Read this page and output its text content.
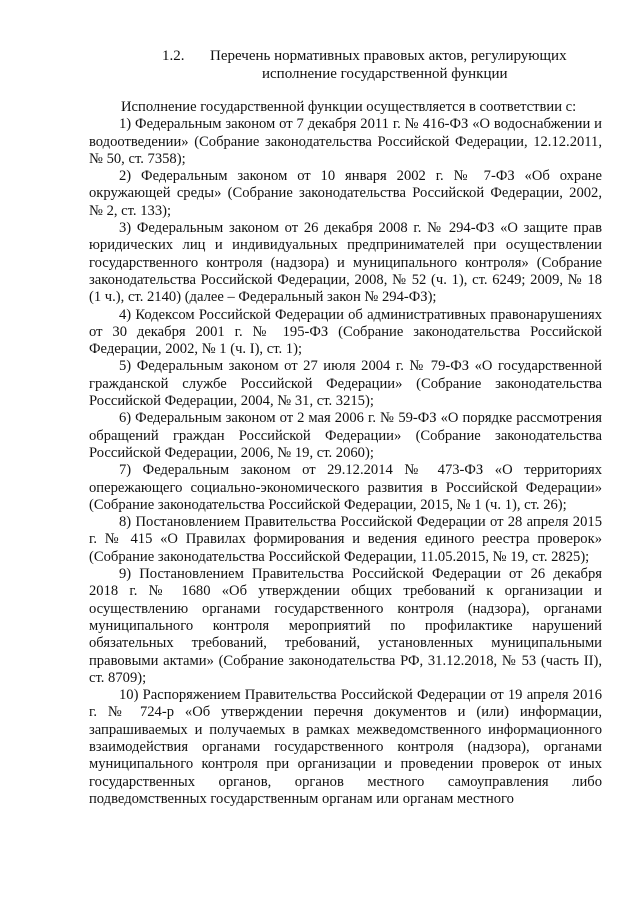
1.2.	Перечень нормативных правовых актов, регулирующих
исполнение государственной функции

Исполнение государственной функции осуществляется в соответствии с:

1) Федеральным законом от 7 декабря 2011 г. № 416-ФЗ «О водоснабжении и водоотведении» (Собрание законодательства Российской Федерации, 12.12.2011, № 50, ст. 7358);

2) Федеральным законом от 10 января 2002 г. № 7-ФЗ «Об охране окружающей среды» (Собрание законодательства Российской Федерации, 2002, № 2, ст. 133);

3) Федеральным законом от 26 декабря 2008 г. № 294-ФЗ «О защите прав юридических лиц и индивидуальных предпринимателей при осуществлении государственного контроля (надзора) и муниципального контроля» (Собрание законодательства Российской Федерации, 2008, № 52 (ч. 1), ст. 6249; 2009, № 18 (1 ч.), ст. 2140) (далее – Федеральный закон № 294-ФЗ);

4) Кодексом Российской Федерации об административных правонарушениях от 30 декабря 2001 г. № 195-ФЗ (Собрание законодательства Российской Федерации, 2002, № 1 (ч. I), ст. 1);

5) Федеральным законом от 27 июля 2004 г. № 79-ФЗ «О государственной гражданской службе Российской Федерации» (Собрание законодательства Российской Федерации, 2004, № 31, ст. 3215);

6) Федеральным законом от 2 мая 2006 г. № 59-ФЗ «О порядке рассмотрения обращений граждан Российской Федерации» (Собрание законодательства Российской Федерации, 2006, № 19, ст. 2060);

7) Федеральным законом от 29.12.2014 № 473-ФЗ «О территориях опережающего социально-экономического развития в Российской Федерации» (Собрание законодательства Российской Федерации, 2015, № 1 (ч. 1), ст. 26);

8) Постановлением Правительства Российской Федерации от 28 апреля 2015 г. № 415 «О Правилах формирования и ведения единого реестра проверок» (Собрание законодательства Российской Федерации, 11.05.2015, № 19, ст. 2825);

9) Постановлением Правительства Российской Федерации от 26 декабря 2018 г. № 1680 «Об утверждении общих требований к организации и осуществлению органами государственного контроля (надзора), органами муниципального контроля мероприятий по профилактике нарушений обязательных требований, требований, установленных муниципальными правовыми актами» (Собрание законодательства РФ, 31.12.2018, № 53 (часть II), ст. 8709);

10) Распоряжением Правительства Российской Федерации от 19 апреля 2016 г. № 724-р «Об утверждении перечня документов и (или) информации, запрашиваемых и получаемых в рамках межведомственного информационного взаимодействия органами государственного контроля (надзора), органами муниципального контроля при организации и проведении проверок от иных государственных органов, органов местного самоуправления либо подведомственных государственным органам или органам местного
